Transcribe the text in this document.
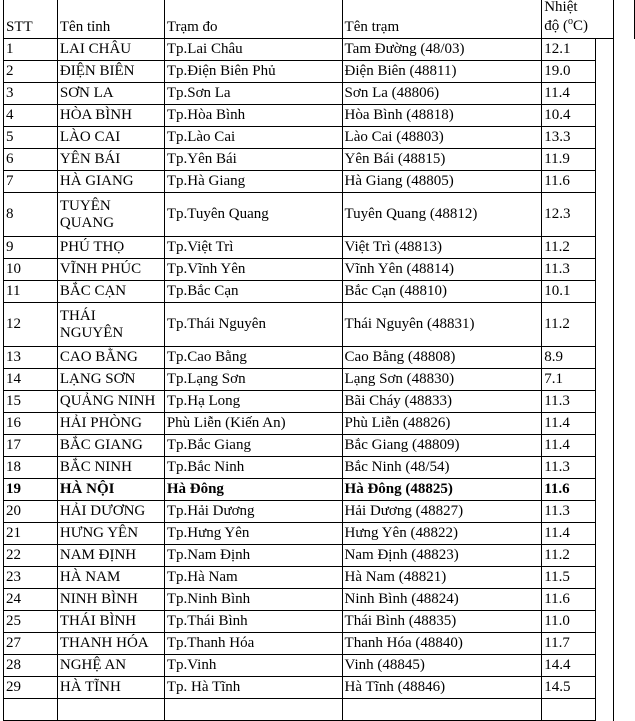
STT	Tên tỉnh	Trạm đo	Tên trạm	Nhiệt
độ ($^o$C)		
1	LAI CHÂU	Tp.Lai Châu	Tam Đường (48/03)	12.1		
2	ĐIỆN BIÊN	Tp.Điện Biên Phủ	Điện Biên (48811)	19.0		
3	SƠN LA	Tp.Sơn La	Sơn La (48806)	11.4		
4	HÒA BÌNH	Tp.Hòa Bình	Hòa Bình (48818)	10.4		
5	LÀO CAI	Tp.Lào Cai	Lào Cai (48803)	13.3		
6	YÊN BÁI	Tp.Yên Bái	Yên Bái (48815)	11.9		
7	HÀ GIANG	Tp.Hà Giang	Hà Giang (48805)	11.6		
8	TUYÊN QUANG	Tp.Tuyên Quang	Tuyên Quang (48812)	12.3		
9	PHÚ THỌ	Tp.Việt Trì	Việt Trì (48813)	11.2		
10	VĨNH PHÚC	Tp.Vĩnh Yên	Vĩnh Yên (48814)	11.3		
11	BẮC CẠN	Tp.Bắc Cạn	Bắc Cạn (48810)	10.1		
12	THÁI NGUYÊN	Tp.Thái Nguyên	Thái Nguyên (48831)	11.2		
13	CAO BẰNG	Tp.Cao Bằng	Cao Bằng (48808)	8.9		
14	LẠNG SƠN	Tp.Lạng Sơn	Lạng Sơn (48830)	7.1		
15	QUẢNG NINH	Tp.Hạ Long	Bãi Cháy (48833)	11.3		
16	HẢI PHÒNG	Phù Liễn (Kiến An)	Phù Liễn (48826)	11.4		
17	BẮC GIANG	Tp.Bắc Giang	Bắc Giang (48809)	11.4		
18	BẮC NINH	Tp.Bắc Ninh	Bắc Ninh (48/54)	11.3		
19	HÀ NỘI	Hà Đông	Hà Đông (48825)	11.6		
20	HẢI DƯƠNG	Tp.Hải Dương	Hải Dương (48827)	11.3		
21	HƯNG YÊN	Tp.Hưng Yên	Hưng Yên (48822)	11.4		
22	NAM ĐỊNH	Tp.Nam Định	Nam Định (48823)	11.2		
23	HÀ NAM	Tp.Hà Nam	Hà Nam (48821)	11.5		
24	NINH BÌNH	Tp.Ninh Bình	Ninh Bình (48824)	11.6		
25	THÁI BÌNH	Tp.Thái Bình	Thái Bình (48835)	11.0		
27	THANH HÓA	Tp.Thanh Hóa	Thanh Hóa (48840)	11.7		
28	NGHỆ AN	Tp.Vinh	Vinh (48845)	14.4		
29	HÀ TĨNH	Tp. Hà Tĩnh	Hà Tĩnh (48846)	14.5		
